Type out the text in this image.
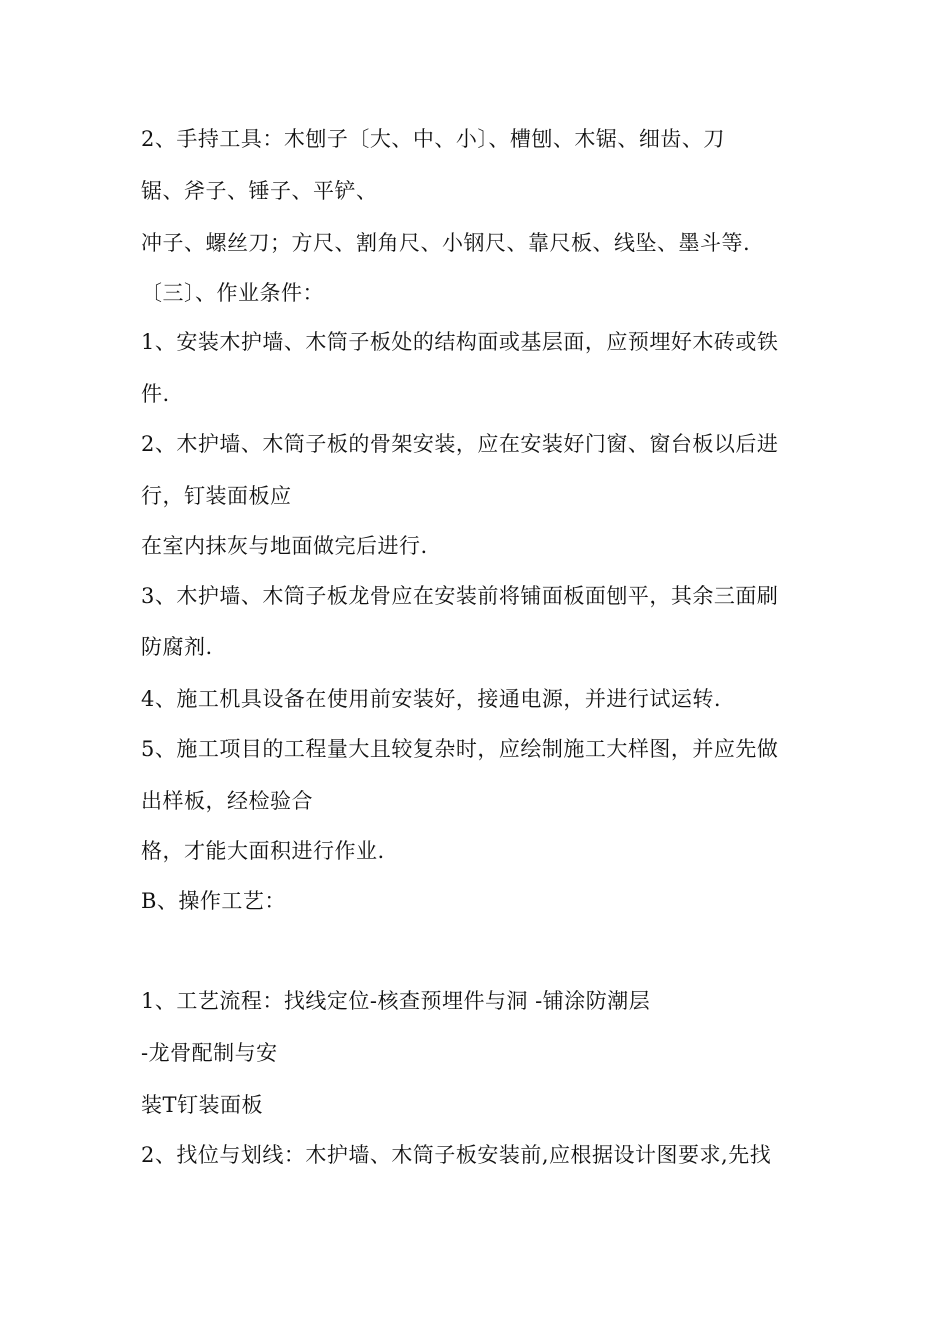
2、手持工具：木刨子〔大、中、小〕、槽刨、木锯、细齿、刀
锯、斧子、锤子、平铲、
冲子、螺丝刀；方尺、割角尺、小钢尺、靠尺板、线坠、墨斗等.
〔三〕、作业条件：
1、安装木护墙、木筒子板处的结构面或基层面，应预埋好木砖或铁
件.
2、木护墙、木筒子板的骨架安装，应在安装好门窗、窗台板以后进
行，钉装面板应
在室内抹灰与地面做完后进行.
3、木护墙、木筒子板龙骨应在安装前将铺面板面刨平，其余三面刷
防腐剂.
4、施工机具设备在使用前安装好，接通电源，并进行试运转.
5、施工项目的工程量大且较复杂时，应绘制施工大样图，并应先做
出样板，经检验合
格，才能大面积进行作业.
B、操作工艺：
1、工艺流程：找线定位-核查预埋件与洞 -铺涂防潮层
-龙骨配制与安
装T钉装面板
2、找位与划线：木护墙、木筒子板安装前,应根据设计图要求,先找
